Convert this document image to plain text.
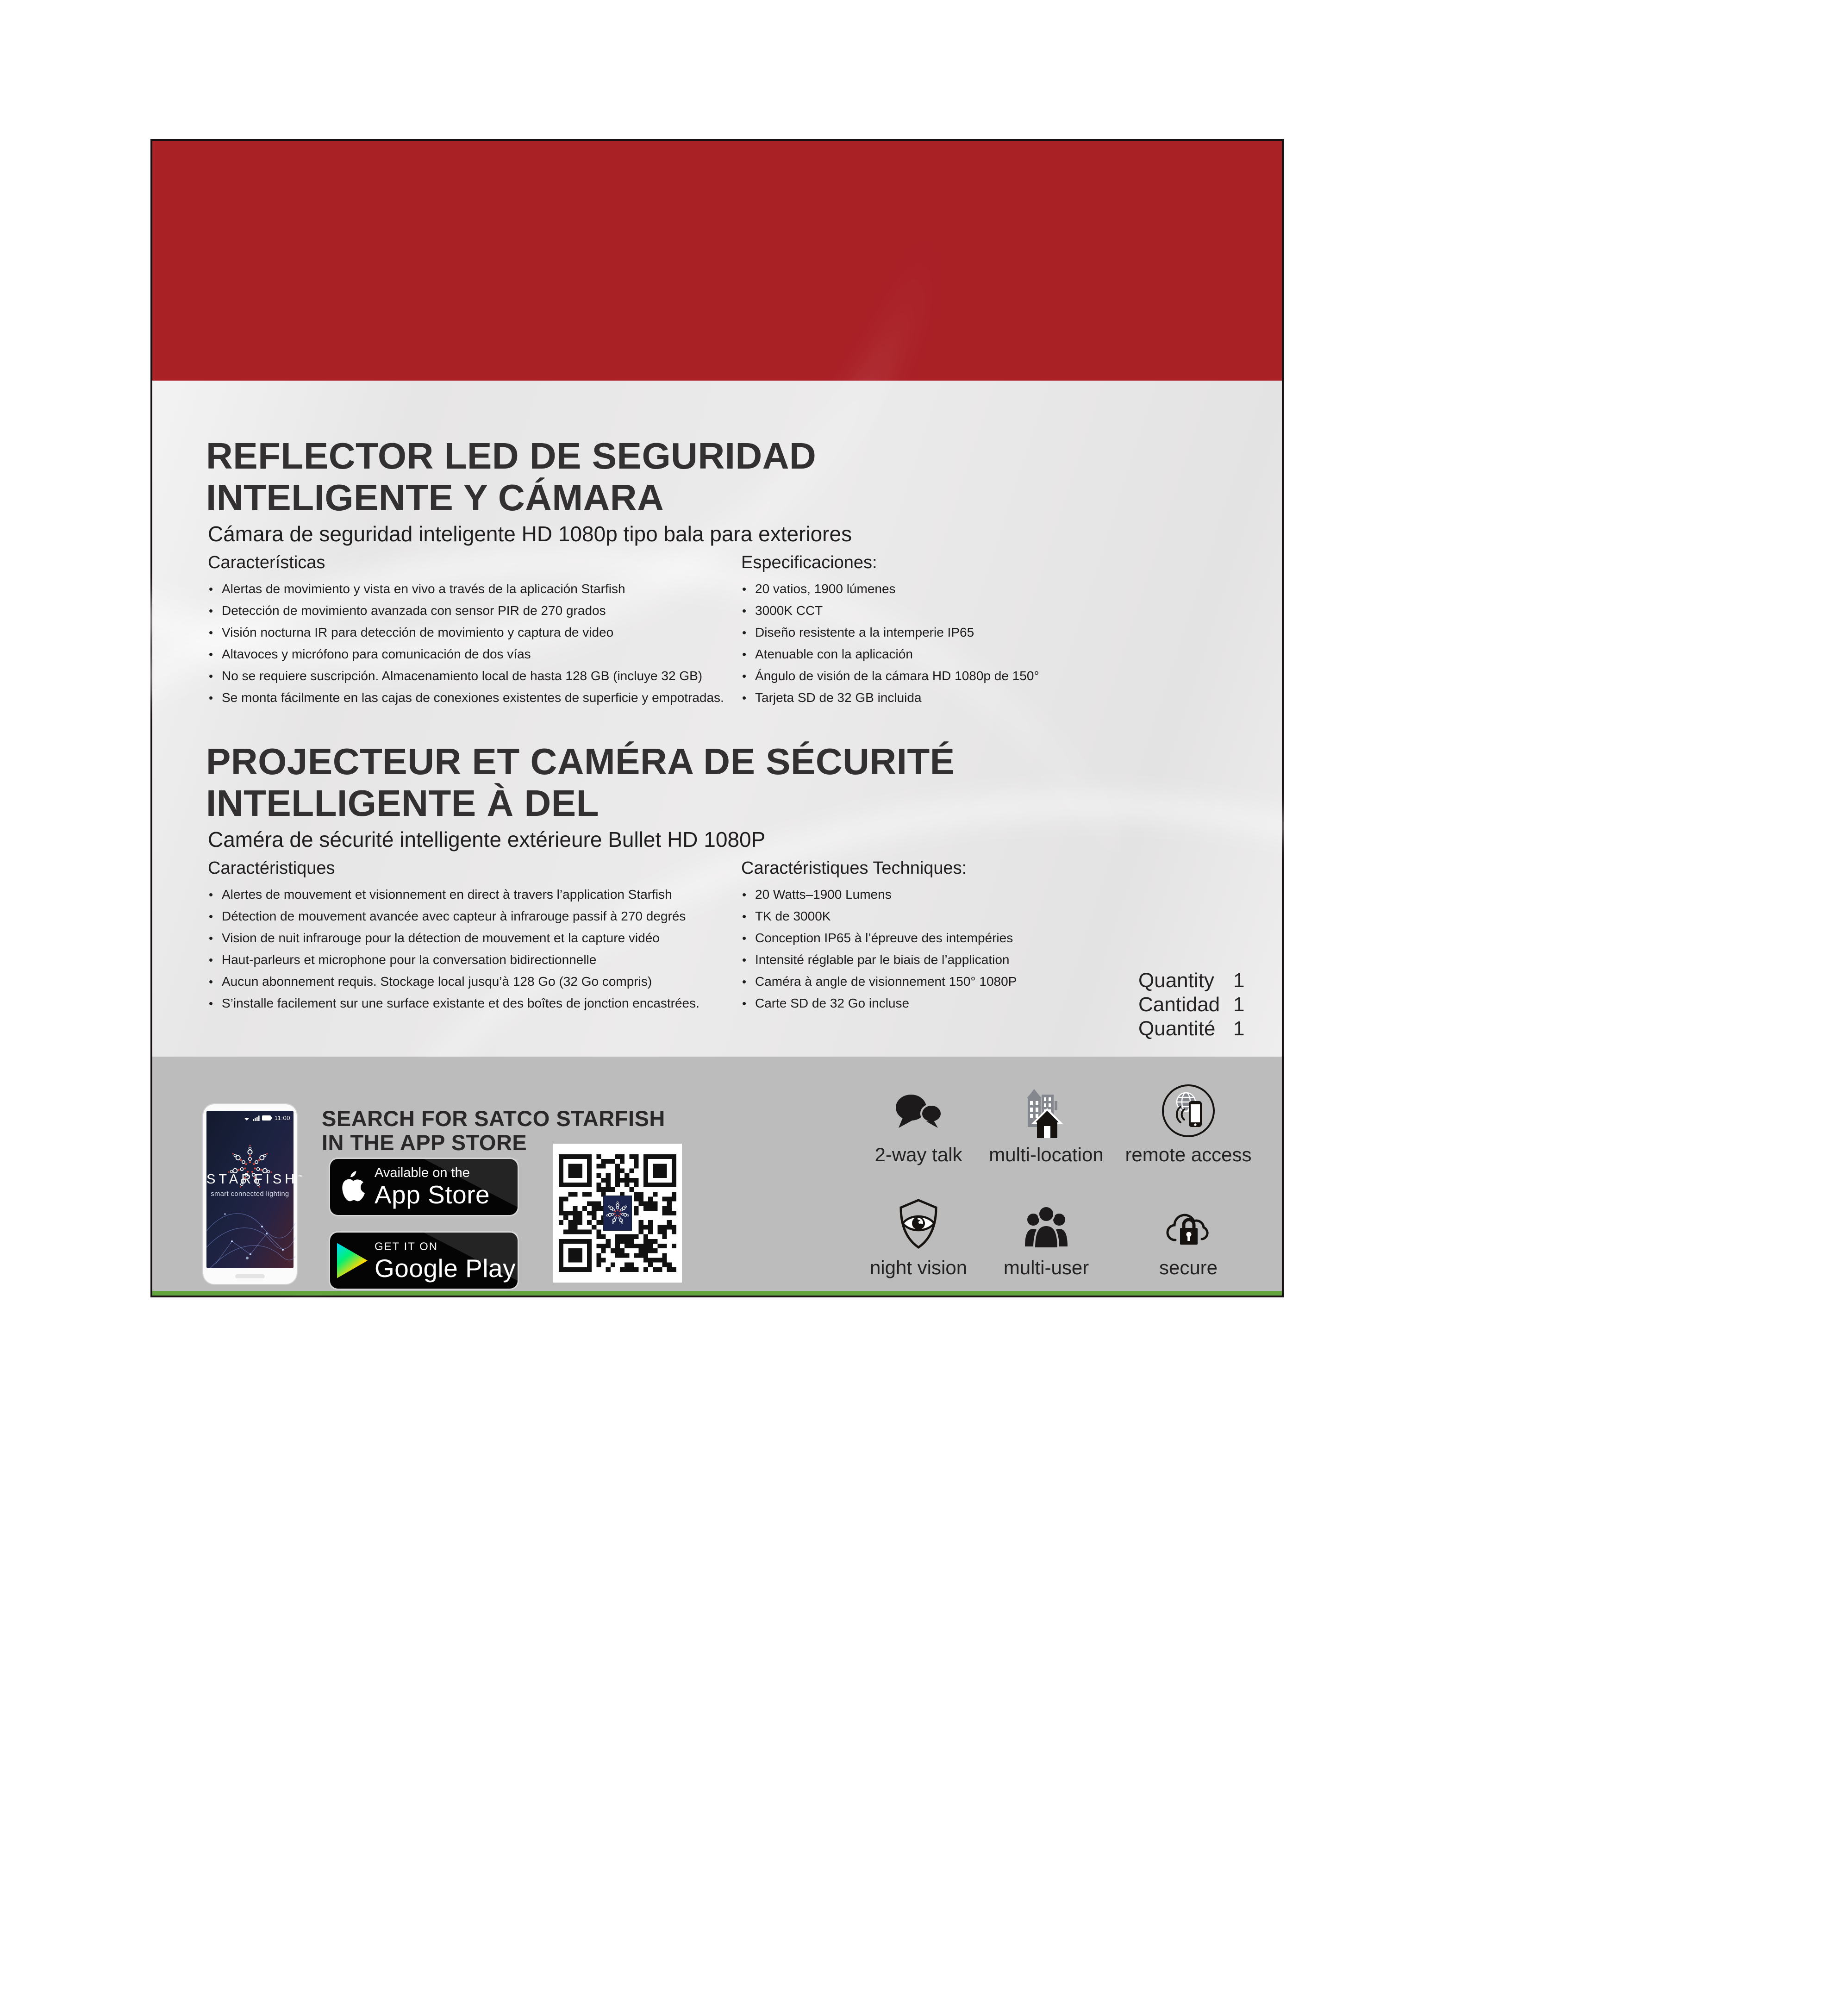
REFLECTOR LED DE SEGURIDAD
INTELIGENTE Y CÁMARA
Cámara de seguridad inteligente HD 1080p tipo bala para exteriores
Características
• Alertas de movimiento y vista en vivo a través de la aplicación Starfish
• Detección de movimiento avanzada con sensor PIR de 270 grados
• Visión nocturna IR para detección de movimiento y captura de video
• Altavoces y micrófono para comunicación de dos vías
• No se requiere suscripción. Almacenamiento local de hasta 128 GB (incluye 32 GB)
• Se monta fácilmente en las cajas de conexiones existentes de superficie y empotradas.
Especificaciones:
• 20 vatios, 1900 lúmenes
• 3000K CCT
• Diseño resistente a la intemperie IP65
• Atenuable con la aplicación
• Ángulo de visión de la cámara HD 1080p de 150°
• Tarjeta SD de 32 GB incluida
PROJECTEUR ET CAMÉRA DE SÉCURITÉ
INTELLIGENTE À DEL
Caméra de sécurité intelligente extérieure Bullet HD 1080P
Caractéristiques
• Alertes de mouvement et visionnement en direct à travers l’application Starfish
• Détection de mouvement avancée avec capteur à infrarouge passif à 270 degrés
• Vision de nuit infrarouge pour la détection de mouvement et la capture vidéo
• Haut-parleurs et microphone pour la conversation bidirectionnelle
• Aucun abonnement requis. Stockage local jusqu’à 128 Go (32 Go compris)
• S’installe facilement sur une surface existante et des boîtes de jonction encastrées.
Caractéristiques Techniques:
• 20 Watts–1900 Lumens
• TK de 3000K
• Conception IP65 à l’épreuve des intempéries
• Intensité réglable par le biais de l’application
• Caméra à angle de visionnement 150° 1080P
• Carte SD de 32 Go incluse
Quantity 1
Cantidad 1
Quantité 1
11:00
STARFISH™
smart connected lighting
SEARCH FOR SATCO STARFISH
IN THE APP STORE
Available on the
App Store
GET IT ON
Google Play
2-way talk multi-location remote access
night vision multi-user	secure
